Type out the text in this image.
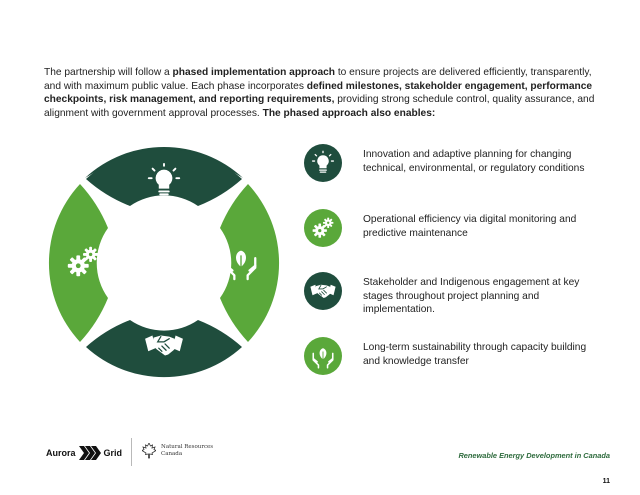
The partnership will follow a phased implementation approach to ensure projects are delivered efficiently, transparently, and with maximum public value. Each phase incorporates defined milestones, stakeholder engagement, performance checkpoints, risk management, and reporting requirements, providing strong schedule control, quality assurance, and alignment with government approval processes. The phased approach also enables:

Innovation and adaptive planning for changing technical, environmental, or regulatory conditions
Operational efficiency via digital monitoring and predictive maintenance
Stakeholder and Indigenous engagement at key stages throughout project planning and implementation.
Long-term sustainability through capacity building and knowledge transfer
Aurora	Grid
Natural Resources
Canada	Renewable Energy Development in Canada
11
